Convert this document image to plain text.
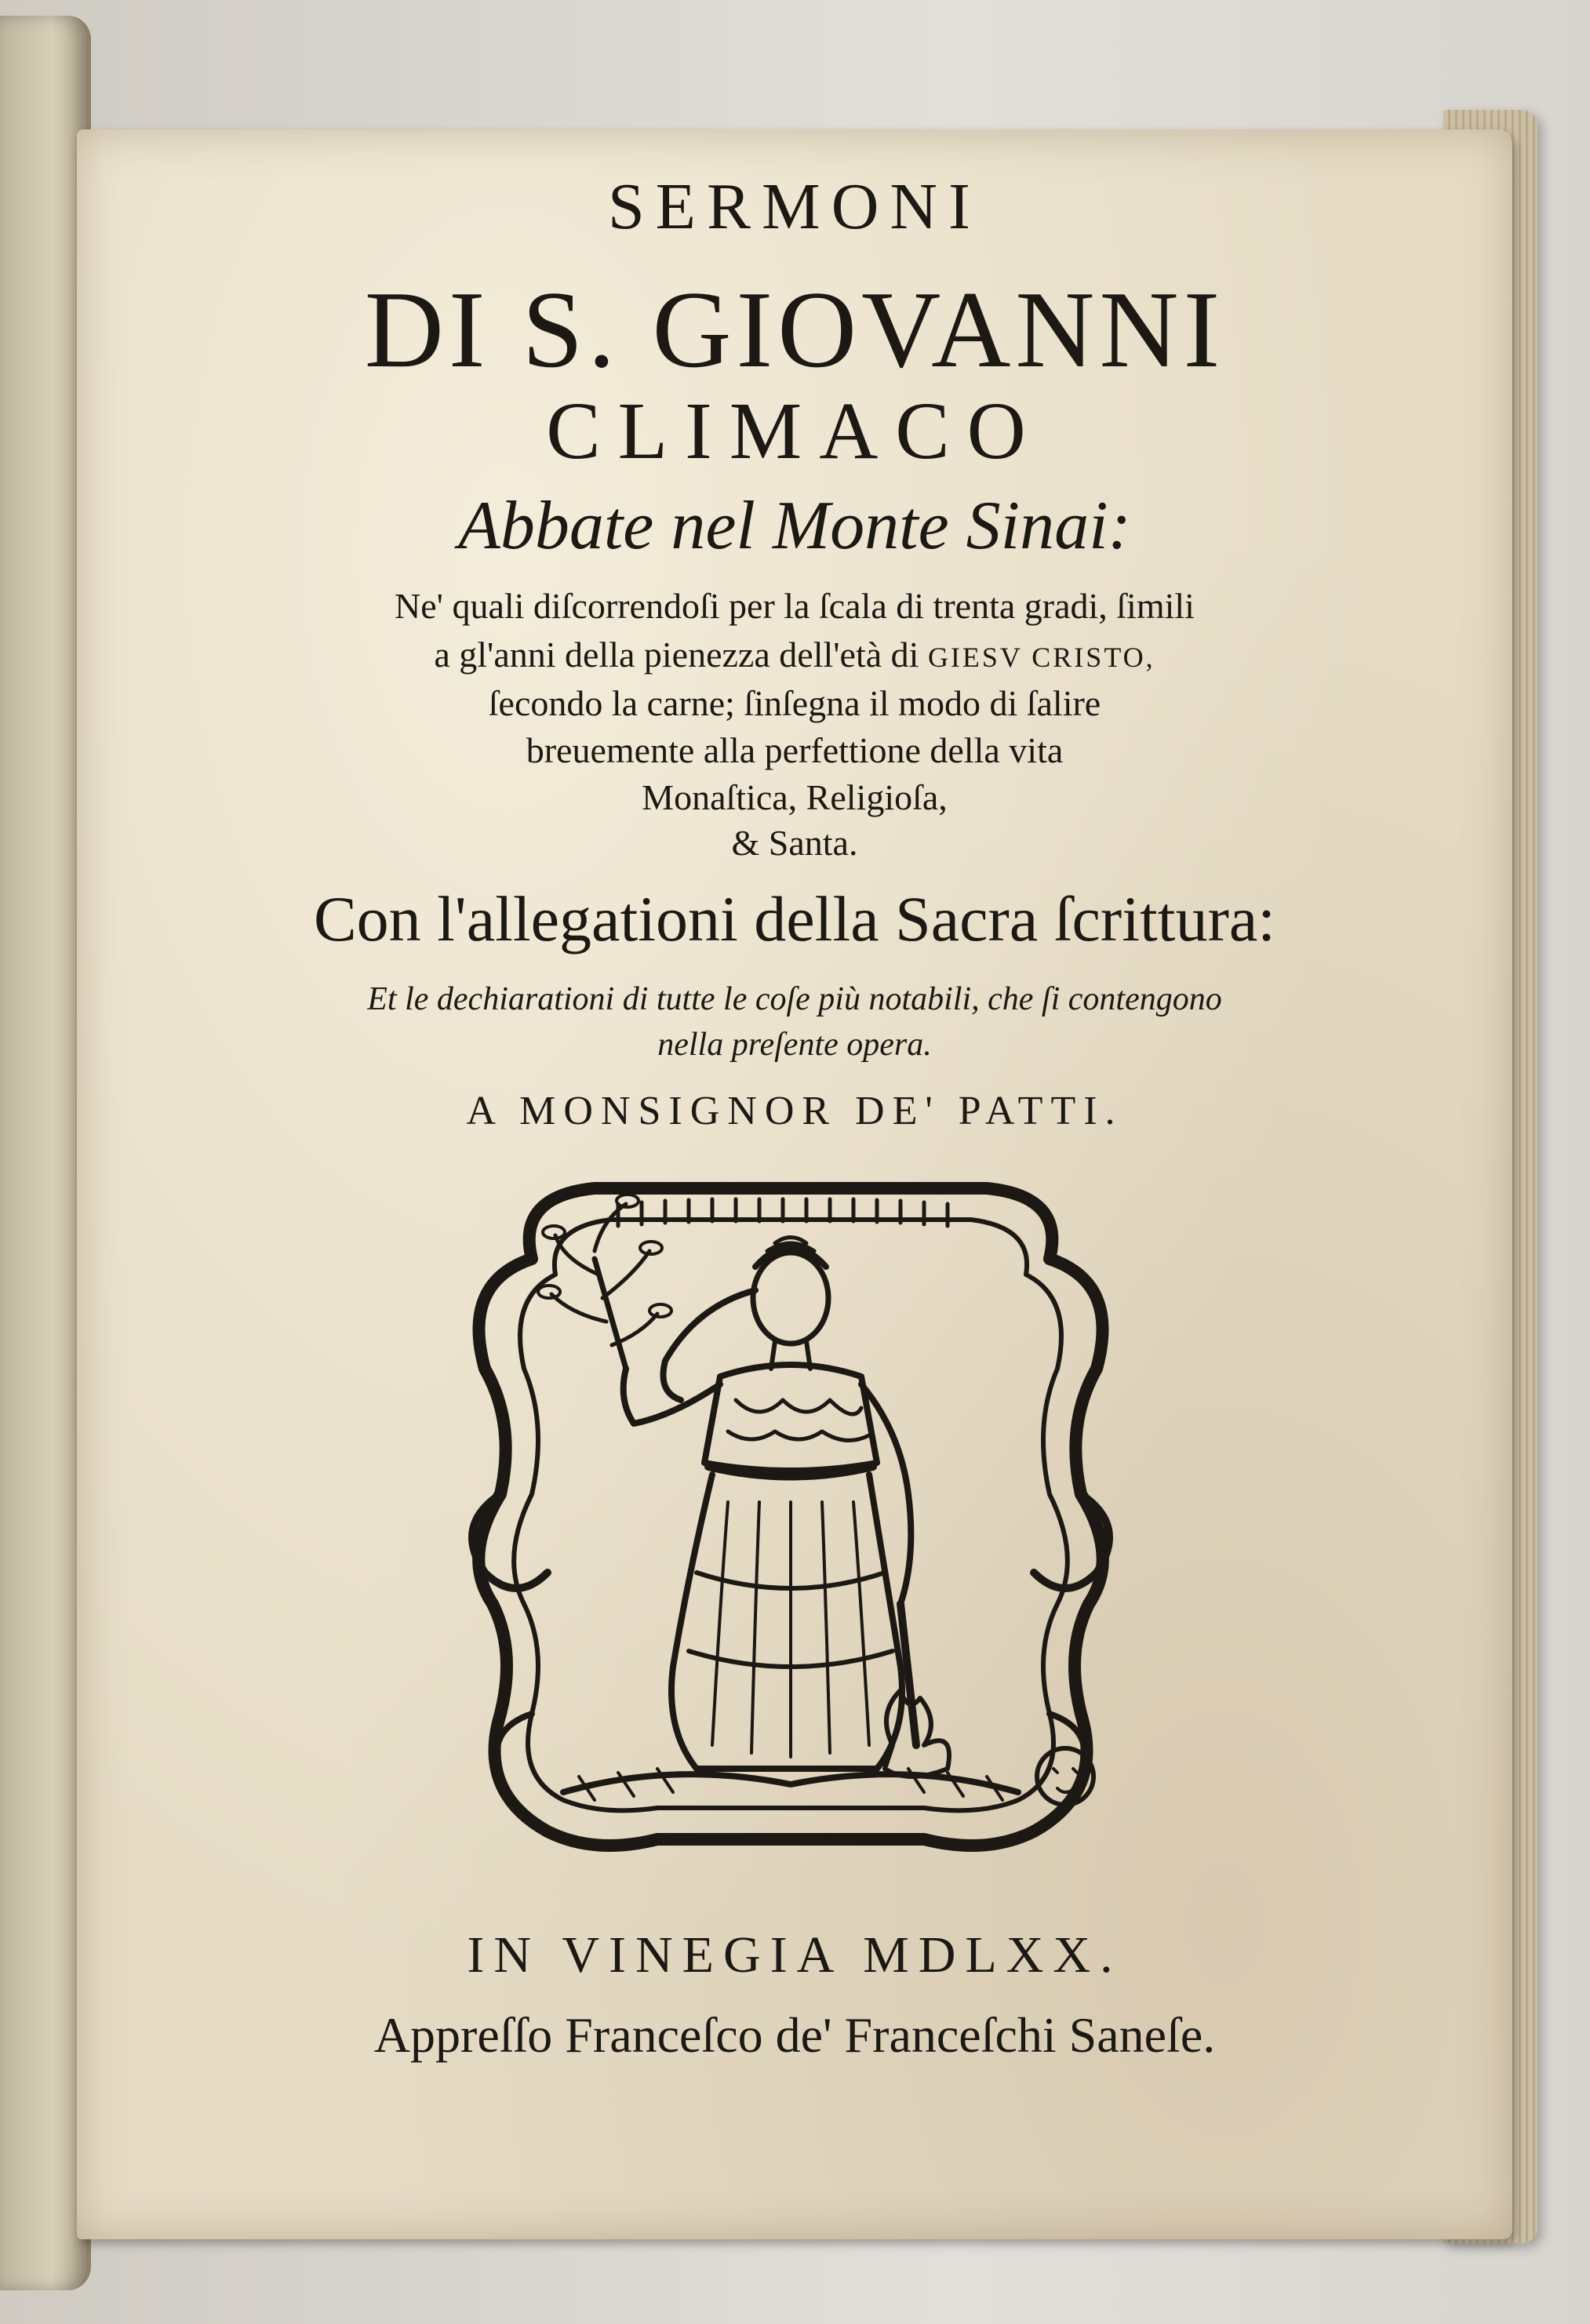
SERMONI
DI S. GIOVANNI
CLIMACO
Abbate nel Monte Sinai:
Ne' quali diſcorrendoſi per la ſcala di trenta gradi, ſimili
a gl'anni della pienezza dell'età di GIESV CRISTO,
ſecondo la carne; ſinſegna il modo di ſalire
breuemente alla perfettione della vita
Monaſtica, Religioſa,
& Santa.
Con l'allegationi della Sacra ſcrittura:
Et le dechiarationi di tutte le coſe più notabili, che ſi contengono
nella preſente opera.
A MONSIGNOR DE' PATTI.
IN VINEGIA MDLXX.
Appreſſo Franceſco de' Franceſchi Saneſe.
